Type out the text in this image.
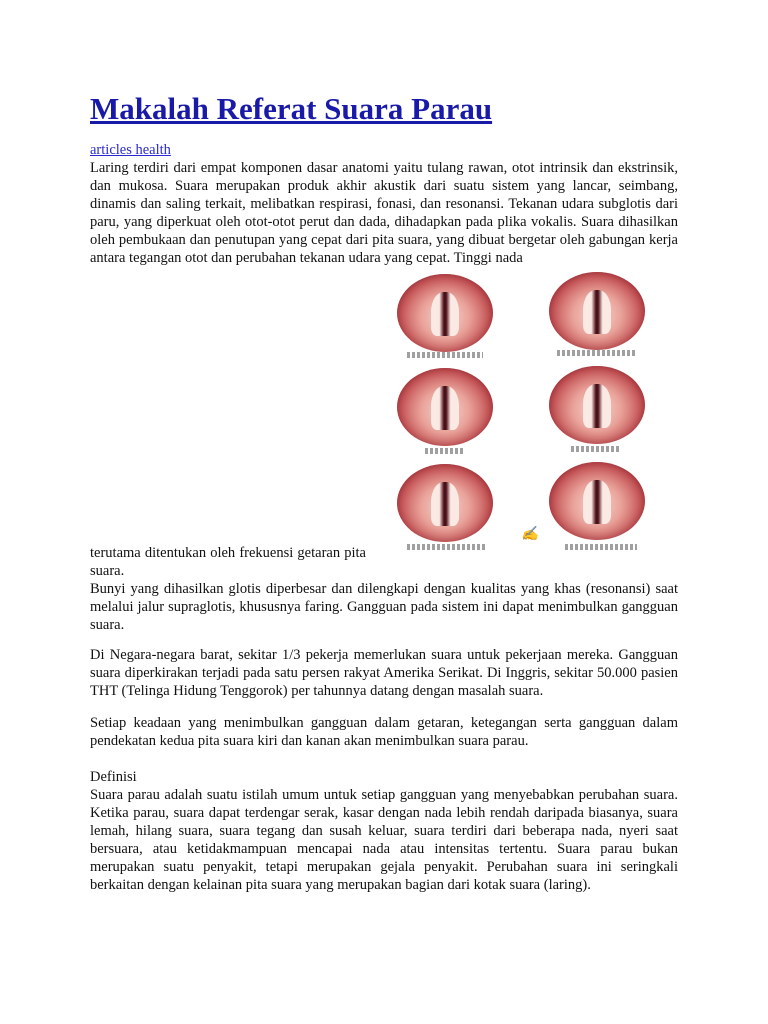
Makalah Referat Suara Parau
articles health

Laring terdiri dari empat komponen dasar anatomi yaitu tulang rawan, otot intrinsik dan ekstrinsik, dan mukosa. Suara merupakan produk akhir akustik dari suatu sistem yang lancar, seimbang, dinamis dan saling terkait, melibatkan respirasi, fonasi, dan resonansi. Tekanan udara subglotis dari paru, yang diperkuat oleh otot-otot perut dan dada, dihadapkan pada plika vokalis. Suara dihasilkan oleh pembukaan dan penutupan yang cepat dari pita suara, yang dibuat bergetar oleh gabungan kerja antara tegangan otot dan perubahan tekanan udara yang cepat. Tinggi nada

✍

terutama ditentukan oleh frekuensi getaran pita suara.

Bunyi yang dihasilkan glotis diperbesar dan dilengkapi dengan kualitas yang khas (resonansi) saat melalui jalur supraglotis, khususnya faring. Gangguan pada sistem ini dapat menimbulkan gangguan suara.

Di Negara-negara barat, sekitar 1/3 pekerja memerlukan suara untuk pekerjaan mereka. Gangguan suara diperkirakan terjadi pada satu persen rakyat Amerika Serikat. Di Inggris, sekitar 50.000 pasien THT (Telinga Hidung Tenggorok) per tahunnya datang dengan masalah suara.

Setiap keadaan yang menimbulkan gangguan dalam getaran, ketegangan serta gangguan dalam pendekatan kedua pita suara kiri dan kanan akan menimbulkan suara parau.

Definisi

Suara parau adalah suatu istilah umum untuk setiap gangguan yang menyebabkan perubahan suara. Ketika parau, suara dapat terdengar serak, kasar dengan nada lebih rendah daripada biasanya, suara lemah, hilang suara, suara tegang dan susah keluar, suara terdiri dari beberapa nada, nyeri saat bersuara, atau ketidakmampuan mencapai nada atau intensitas tertentu. Suara parau bukan merupakan suatu penyakit, tetapi merupakan gejala penyakit. Perubahan suara ini seringkali berkaitan dengan kelainan pita suara yang merupakan bagian dari kotak suara (laring).
